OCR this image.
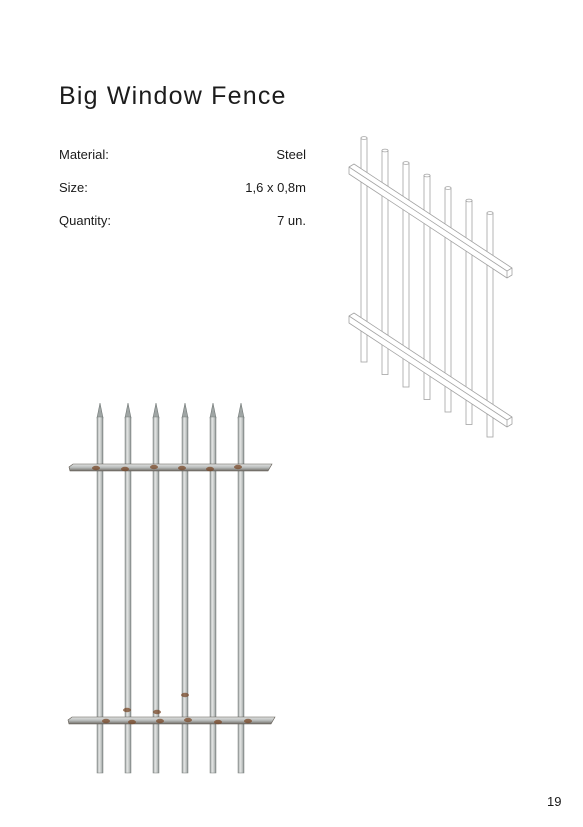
Big Window Fence
Material:	Steel
Size:	1,6 x 0,8m
Quantity:	7 un.
19
